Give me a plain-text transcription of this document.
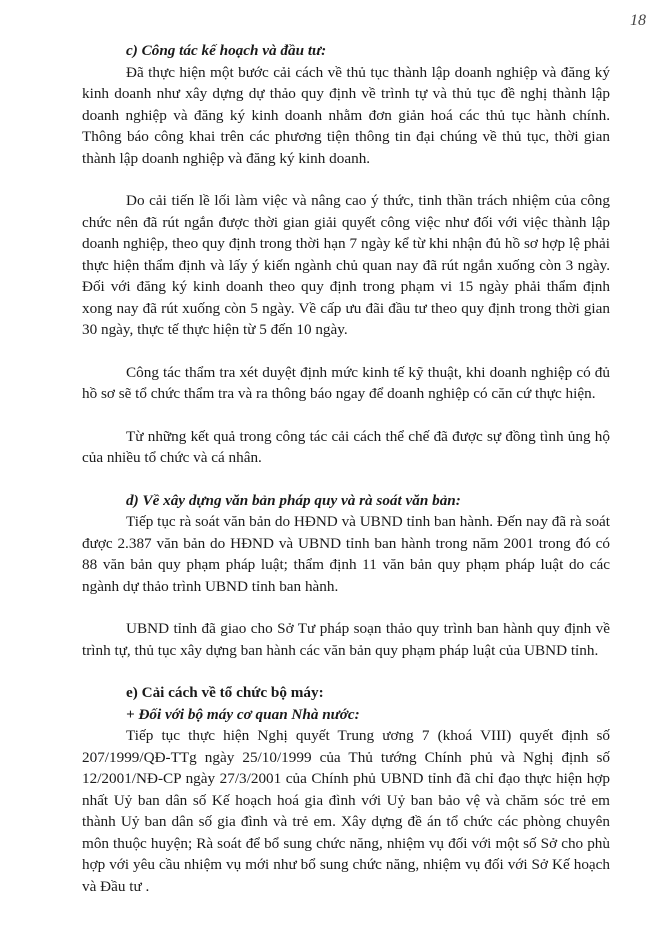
18
c) Công tác kế hoạch và đầu tư:

Đã thực hiện một bước cải cách về thủ tục thành lập doanh nghiệp và đăng ký kinh doanh như xây dựng dự thảo quy định về trình tự và thủ tục đề nghị thành lập doanh nghiệp và đăng ký kinh doanh nhằm đơn giản hoá các thủ tục hành chính. Thông báo công khai trên các phương tiện thông tin đại chúng về thủ tục, thời gian thành lập doanh nghiệp và đăng ký kinh doanh.

Do cải tiến lề lối làm việc và nâng cao ý thức, tinh thần trách nhiệm của công chức nên đã rút ngắn được thời gian giải quyết công việc như đối với việc thành lập doanh nghiệp, theo quy định trong thời hạn 7 ngày kể từ khi nhận đủ hồ sơ hợp lệ phải thực hiện thẩm định và lấy ý kiến ngành chủ quan nay đã rút ngắn xuống còn 3 ngày. Đối với đăng ký kinh doanh theo quy định trong phạm vi 15 ngày phải thẩm định xong nay đã rút xuống còn 5 ngày. Về cấp ưu đãi đầu tư theo quy định trong thời gian 30 ngày, thực tế thực hiện từ 5 đến 10 ngày.

Công tác thẩm tra xét duyệt định mức kinh tế kỹ thuật, khi doanh nghiệp có đủ hồ sơ sẽ tổ chức thẩm tra và ra thông báo ngay để doanh nghiệp có căn cứ thực hiện.

Từ những kết quả trong công tác cải cách thể chế đã được sự đồng tình ủng hộ của nhiều tổ chức và cá nhân.

d) Về xây dựng văn bản pháp quy và rà soát văn bản:

Tiếp tục rà soát văn bản do HĐND và UBND tỉnh ban hành. Đến nay đã rà soát được 2.387 văn bản do HĐND và UBND tỉnh ban hành trong năm 2001 trong đó có 88 văn bản quy phạm pháp luật; thẩm định 11 văn bản quy phạm pháp luật do các ngành dự thảo trình UBND tỉnh ban hành.

UBND tỉnh đã giao cho Sở Tư pháp soạn thảo quy trình ban hành quy định về trình tự, thủ tục xây dựng ban hành các văn bản quy phạm pháp luật của UBND tỉnh.

e) Cải cách về tổ chức bộ máy:
+ Đối với bộ máy cơ quan Nhà nước:

Tiếp tục thực hiện Nghị quyết Trung ương 7 (khoá VIII) quyết định số 207/1999/QĐ-TTg ngày 25/10/1999 của Thủ tướng Chính phủ và Nghị định số 12/2001/NĐ-CP ngày 27/3/2001 của Chính phủ UBND tỉnh đã chỉ đạo thực hiện hợp nhất Uỷ ban dân số Kế hoạch hoá gia đình với Uỷ ban bảo vệ và chăm sóc trẻ em thành Uỷ ban dân số gia đình và trẻ em. Xây dựng đề án tổ chức các phòng chuyên môn thuộc huyện; Rà soát để bổ sung chức năng, nhiệm vụ đối với một số Sở cho phù hợp với yêu cầu nhiệm vụ mới như bổ sung chức năng, nhiệm vụ đối với Sở Kế hoạch và Đầu tư .
